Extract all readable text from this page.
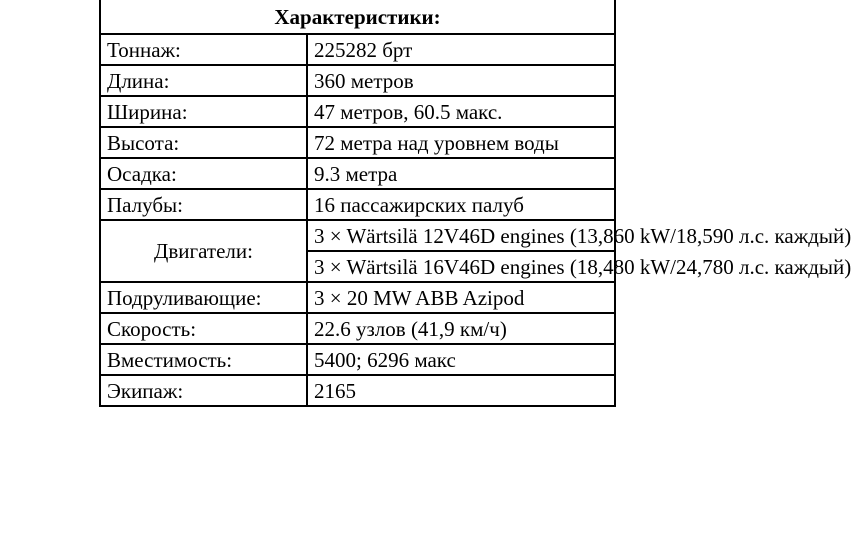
Характеристики:	
Тоннаж:	225282 брт
Длина:	360 метров
Ширина:	47 метров, 60.5 макс.
Высота:	72 метра над уровнем воды
Осадка:	9.3 метра
Палубы:	16 пассажирских палуб
Двигатели:	3 × Wärtsilä 12V46D engines (13,860 kW/18,590 л.с. каждый)
	3 × Wärtsilä 16V46D engines (18,480 kW/24,780 л.с. каждый)
Подруливающие:	3 × 20 MW ABB Azipod
Скорость:	22.6 узлов (41,9 км/ч)
Вместимость:	5400; 6296 макс
Экипаж:	2165
